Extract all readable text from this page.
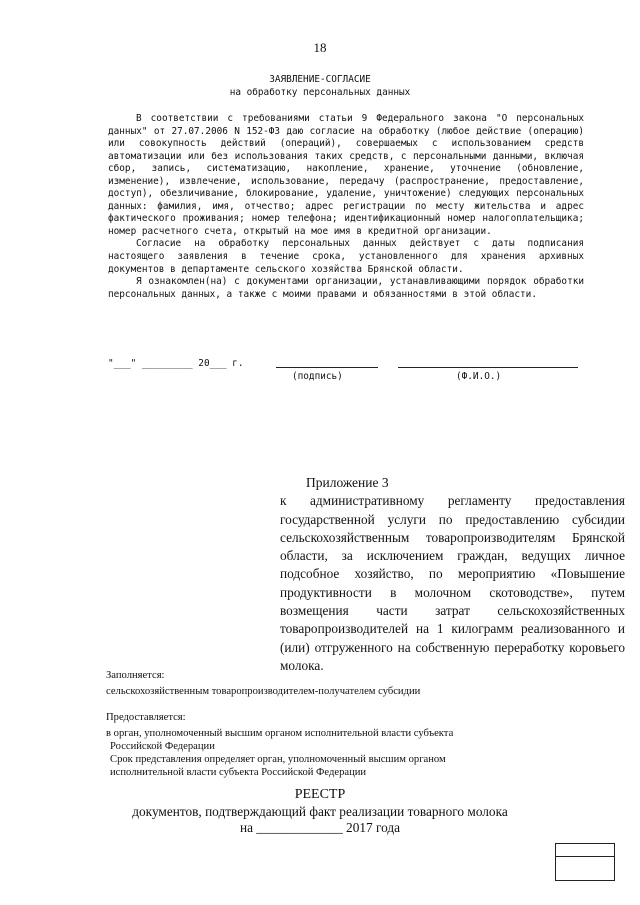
18
ЗАЯВЛЕНИЕ-СОГЛАСИЕ
на обработку персональных данных

В соответствии с требованиями статьи 9 Федерального закона "О персональных данных" от 27.07.2006 N 152-ФЗ даю согласие на обработку (любое действие (операцию) или совокупность действий (операций), совершаемых с использованием средств автоматизации или без использования таких средств, с персональными данными, включая сбор, запись, систематизацию, накопление, хранение, уточнение (обновление, изменение), извлечение, использование, передачу (распространение, предоставление, доступ), обезличивание, блокирование, удаление, уничтожение) следующих персональных данных: фамилия, имя, отчество; адрес регистрации по месту жительства и адрес фактического проживания; номер телефона; идентификационный номер налогоплательщика; номер расчетного счета, открытый на мое имя в кредитной организации.

Согласие на обработку персональных данных действует с даты подписания настоящего заявления в течение срока, установленного для хранения архивных документов в департаменте сельского хозяйства Брянской области.

Я ознакомлен(на) с документами организации, устанавливающими порядок обработки персональных данных, а также с моими правами и обязанностями в этой области.

"___" _________ 20___ г.
(подпись)	(Ф.И.О.)
Приложение 3
к административному регламенту предоставления государственной услуги по предоставлению субсидии сельскохозяйственным товаропроизводителям Брянской области, за исключением граждан, ведущих личное подсобное хозяйство, по мероприятию «Повышение продуктивности в молочном скотоводстве», путем возмещения части затрат сельскохозяйственных товаропроизводителей на 1 килограмм реализованного и (или) отгруженного на собственную переработку коровьего молока.
Заполняется:
сельскохозяйственным товаропроизводителем-получателем субсидии
Предоставляется:
в орган, уполномоченный высшим органом исполнительной власти субъекта
Российской Федерации
Срок представления определяет орган, уполномоченный высшим органом
исполнительной власти субъекта Российской Федерации
РЕЕСТР
документов, подтверждающий факт реализации товарного молока
на _____________ 2017 года
